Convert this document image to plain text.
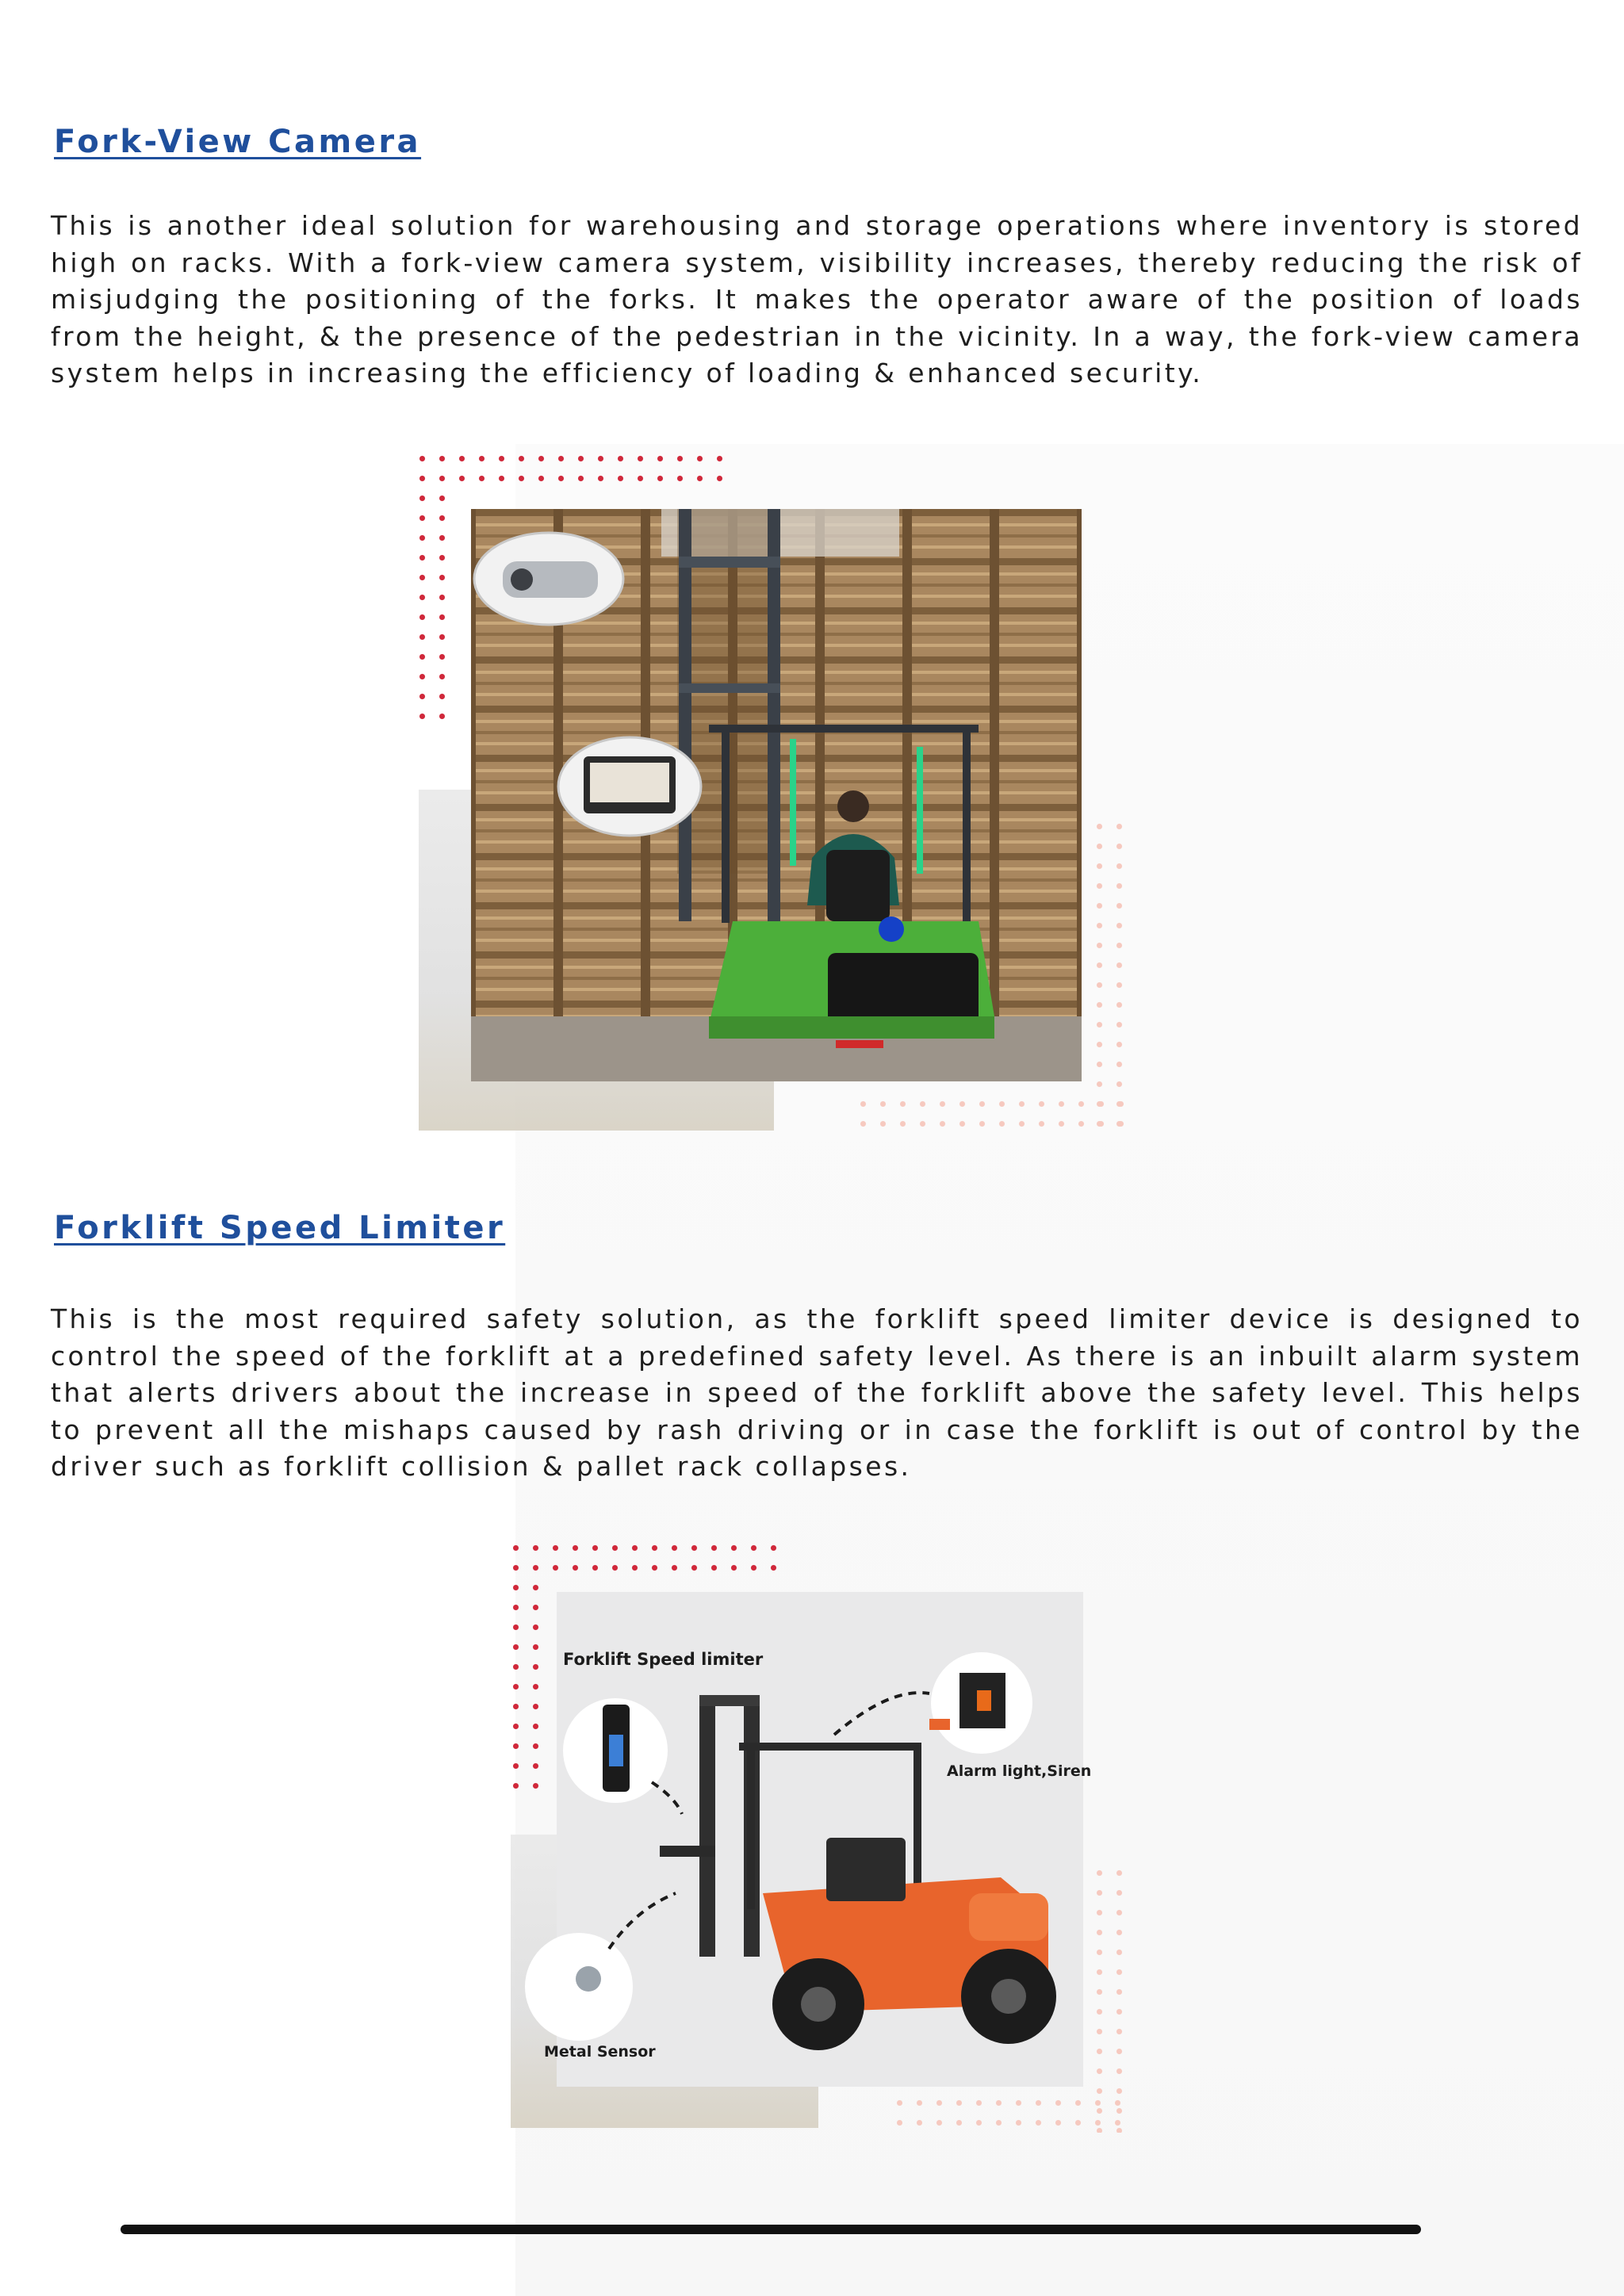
Fork-View Camera

This is another ideal solution for warehousing and storage operations where inventory is stored high on racks. With a fork-view camera system, visibility increases, thereby reducing the risk of misjudging the positioning of the forks. It makes the operator aware of the position of loads from the height, & the presence of the pedestrian in the vicinity. In a way, the fork-view camera system helps in increasing the efficiency of loading & enhanced security.

Forklift Speed Limiter

This is the most required safety solution, as the forklift speed limiter device is designed to control the speed of the forklift at a predefined safety level. As there is an inbuilt alarm system that alerts drivers about the increase in speed of the forklift above the safety level. This helps to prevent all the mishaps caused by rash driving or in case the forklift is out of control by the driver such as forklift collision & pallet rack collapses.

Forklift Speed limiter
Alarm light,Siren
Metal Sensor
